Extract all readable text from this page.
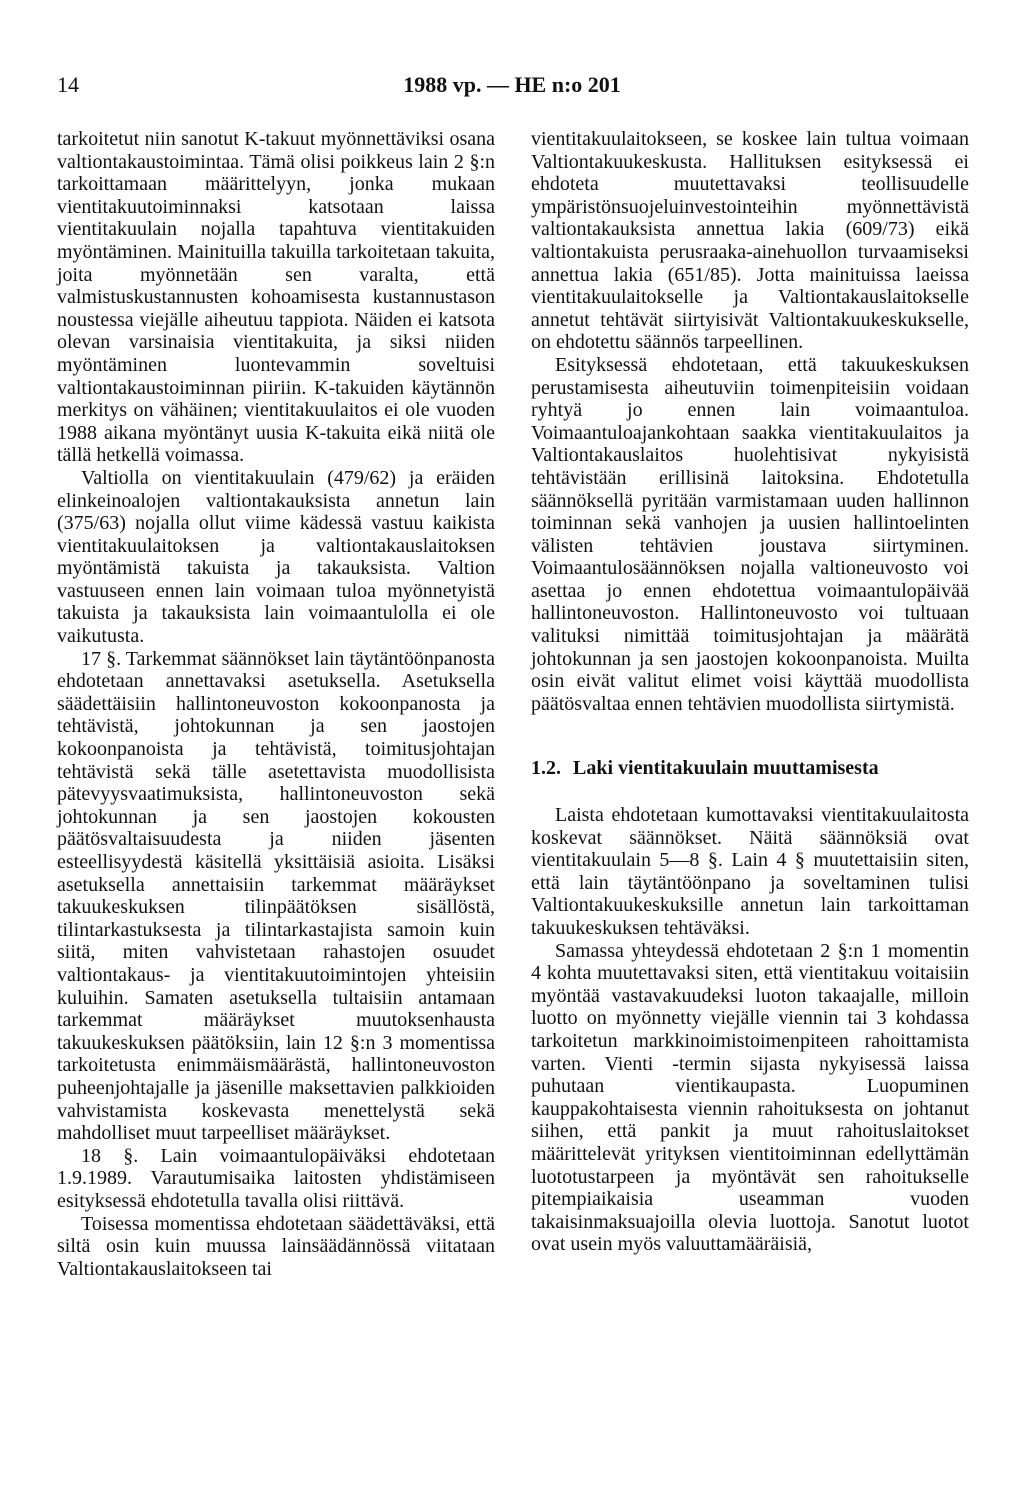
14	1988 vp. — HE n:o 201

tarkoitetut niin sanotut K-takuut myönnettäviksi osana valtiontakaustoimintaa. Tämä olisi poikkeus lain 2 §:n tarkoittamaan määrittelyyn, jonka mukaan vientitakuutoiminnaksi katsotaan laissa vientitakuulain nojalla tapahtuva vientitakuiden myöntäminen. Mainituilla takuilla tarkoitetaan takuita, joita myönnetään sen varalta, että valmistuskustannusten kohoamisesta kustannustason noustessa viejälle aiheutuu tappiota. Näiden ei katsota olevan varsinaisia vientitakuita, ja siksi niiden myöntäminen luontevammin soveltuisi valtiontakaustoiminnan piiriin. K-takuiden käytännön merkitys on vähäinen; vientitakuulaitos ei ole vuoden 1988 aikana myöntänyt uusia K-takuita eikä niitä ole tällä hetkellä voimassa.

Valtiolla on vientitakuulain (479/62) ja eräiden elinkeinoalojen valtiontakauksista annetun lain (375/63) nojalla ollut viime kädessä vastuu kaikista vientitakuulaitoksen ja valtiontakauslaitoksen myöntämistä takuista ja takauksista. Valtion vastuuseen ennen lain voimaan tuloa myönnetyistä takuista ja takauksista lain voimaantulolla ei ole vaikutusta.

17 §. Tarkemmat säännökset lain täytäntöönpanosta ehdotetaan annettavaksi asetuksella. Asetuksella säädettäisiin hallintoneuvoston kokoonpanosta ja tehtävistä, johtokunnan ja sen jaostojen kokoonpanoista ja tehtävistä, toimitusjohtajan tehtävistä sekä tälle asetettavista muodollisista pätevyysvaatimuksista, hallintoneuvoston sekä johtokunnan ja sen jaostojen kokousten päätösvaltaisuudesta ja niiden jäsenten esteellisyydestä käsitellä yksittäisiä asioita. Lisäksi asetuksella annettaisiin tarkemmat määräykset takuukeskuksen tilinpäätöksen sisällöstä, tilintarkastuksesta ja tilintarkastajista samoin kuin siitä, miten vahvistetaan rahastojen osuudet valtiontakaus- ja vientitakuutoimintojen yhteisiin kuluihin. Samaten asetuksella tultaisiin antamaan tarkemmat määräykset muutoksenhausta takuukeskuksen päätöksiin, lain 12 §:n 3 momentissa tarkoitetusta enimmäismäärästä, hallintoneuvoston puheenjohtajalle ja jäsenille maksettavien palkkioiden vahvistamista koskevasta menettelystä sekä mahdolliset muut tarpeelliset määräykset.

18 §. Lain voimaantulopäiväksi ehdotetaan 1.9.1989. Varautumisaika laitosten yhdistämiseen esityksessä ehdotetulla tavalla olisi riittävä.

Toisessa momentissa ehdotetaan säädettäväksi, että siltä osin kuin muussa lainsäädännössä viitataan Valtiontakauslaitokseen tai

vientitakuulaitokseen, se koskee lain tultua voimaan Valtiontakuukeskusta. Hallituksen esityksessä ei ehdoteta muutettavaksi teollisuudelle ympäristönsuojeluinvestointeihin myönnettävistä valtiontakauksista annettua lakia (609/73) eikä valtiontakuista perusraaka-ainehuollon turvaamiseksi annettua lakia (651/85). Jotta mainituissa laeissa vientitakuulaitokselle ja Valtiontakauslaitokselle annetut tehtävät siirtyisivät Valtiontakuukeskukselle, on ehdotettu säännös tarpeellinen.

Esityksessä ehdotetaan, että takuukeskuksen perustamisesta aiheutuviin toimenpiteisiin voidaan ryhtyä jo ennen lain voimaantuloa. Voimaantuloajankohtaan saakka vientitakuulaitos ja Valtiontakauslaitos huolehtisivat nykyisistä tehtävistään erillisinä laitoksina. Ehdotetulla säännöksellä pyritään varmistamaan uuden hallinnon toiminnan sekä vanhojen ja uusien hallintoelinten välisten tehtävien joustava siirtyminen. Voimaantulosäännöksen nojalla valtioneuvosto voi asettaa jo ennen ehdotettua voimaantulopäivää hallintoneuvoston. Hallintoneuvosto voi tultuaan valituksi nimittää toimitusjohtajan ja määrätä johtokunnan ja sen jaostojen kokoonpanoista. Muilta osin eivät valitut elimet voisi käyttää muodollista päätösvaltaa ennen tehtävien muodollista siirtymistä.

1.2. Laki vientitakuulain muuttamisesta

Laista ehdotetaan kumottavaksi vientitakuulaitosta koskevat säännökset. Näitä säännöksiä ovat vientitakuulain 5—8 §. Lain 4 § muutettaisiin siten, että lain täytäntöönpano ja soveltaminen tulisi Valtiontakuukeskuksille annetun lain tarkoittaman takuukeskuksen tehtäväksi.

Samassa yhteydessä ehdotetaan 2 §:n 1 momentin 4 kohta muutettavaksi siten, että vientitakuu voitaisiin myöntää vastavakuudeksi luoton takaajalle, milloin luotto on myönnetty viejälle viennin tai 3 kohdassa tarkoitetun markkinoimistoimenpiteen rahoittamista varten. Vienti -termin sijasta nykyisessä laissa puhutaan vientikaupasta. Luopuminen kauppakohtaisesta viennin rahoituksesta on johtanut siihen, että pankit ja muut rahoituslaitokset määrittelevät yrityksen vientitoiminnan edellyttämän luototustarpeen ja myöntävät sen rahoitukselle pitempiaikaisia useamman vuoden takaisinmaksuajoilla olevia luottoja. Sanotut luotot ovat usein myös valuuttamääräisiä,
